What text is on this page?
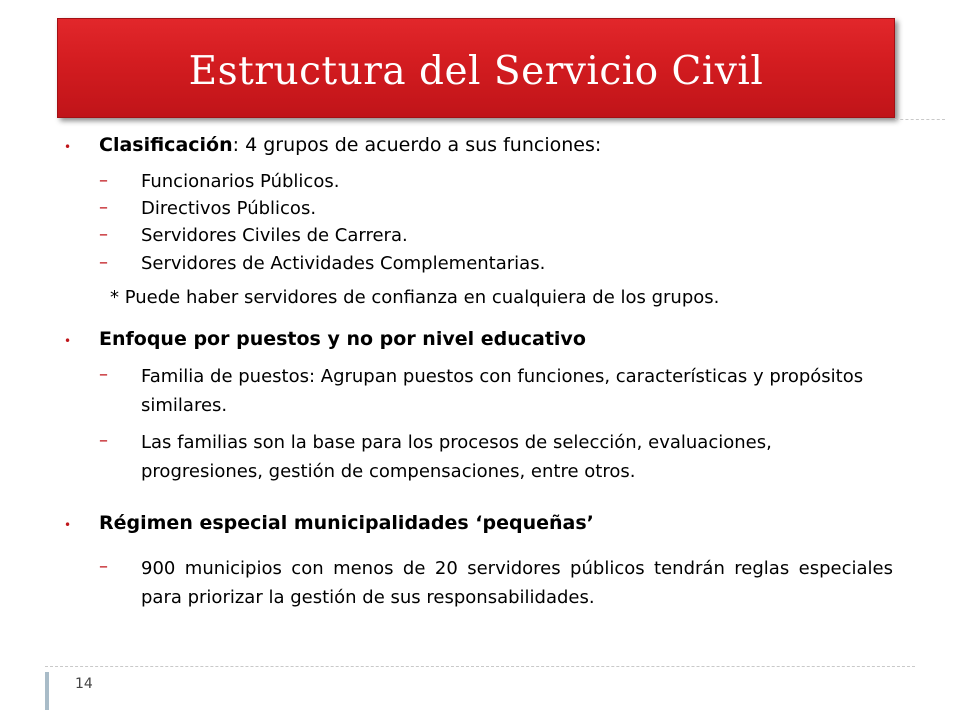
Estructura del Servicio Civil
• Clasificación: 4 grupos de acuerdo a sus funciones:
– Funcionarios Públicos.
– Directivos Públicos.
– Servidores Civiles de Carrera.
– Servidores de Actividades Complementarias.
* Puede haber servidores de confianza en cualquiera de los grupos.
• Enfoque por puestos y no por nivel educativo
– Familia de puestos: Agrupan puestos con funciones, características y propósitos similares.
– Las familias son la base para los procesos de selección, evaluaciones, progresiones, gestión de compensaciones, entre otros.
• Régimen especial municipalidades ‘pequeñas’
– 900 municipios con menos de 20 servidores públicos tendrán reglas especiales para priorizar la gestión de sus responsabilidades.
14
